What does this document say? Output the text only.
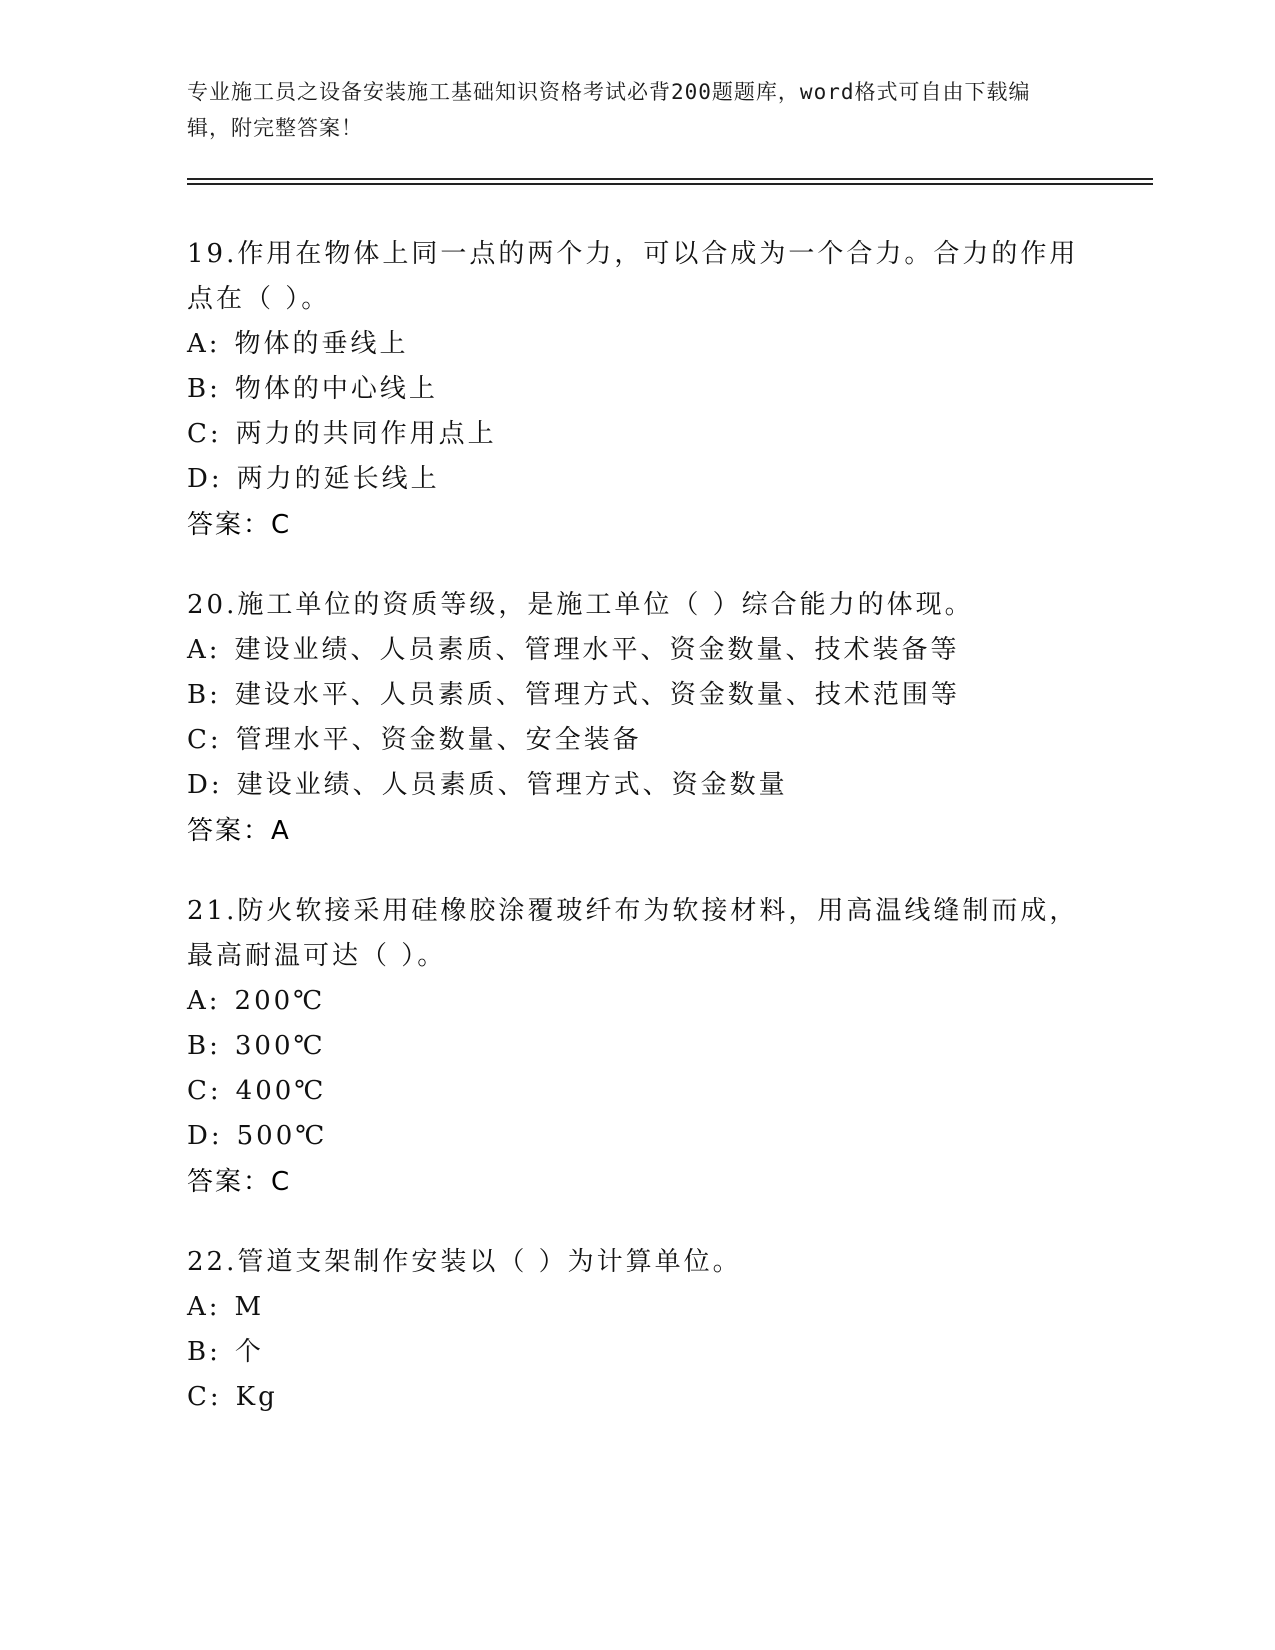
专业施工员之设备安装施工基础知识资格考试必背200题题库，word格式可自由下载编辑，附完整答案！
19.作用在物体上同一点的两个力，可以合成为一个合力。合力的作用点在（ ）。
A: 物体的垂线上
B: 物体的中心线上
C: 两力的共同作用点上
D: 两力的延长线上
答案：C
20.施工单位的资质等级，是施工单位（ ）综合能力的体现。
A: 建设业绩、人员素质、管理水平、资金数量、技术装备等
B: 建设水平、人员素质、管理方式、资金数量、技术范围等
C: 管理水平、资金数量、安全装备
D: 建设业绩、人员素质、管理方式、资金数量
答案：A
21.防火软接采用硅橡胶涂覆玻纤布为软接材料，用高温线缝制而成，最高耐温可达（ ）。
A: 200℃
B: 300℃
C: 400℃
D: 500℃
答案：C
22.管道支架制作安装以（ ）为计算单位。
A: M
B: 个
C: Kg
